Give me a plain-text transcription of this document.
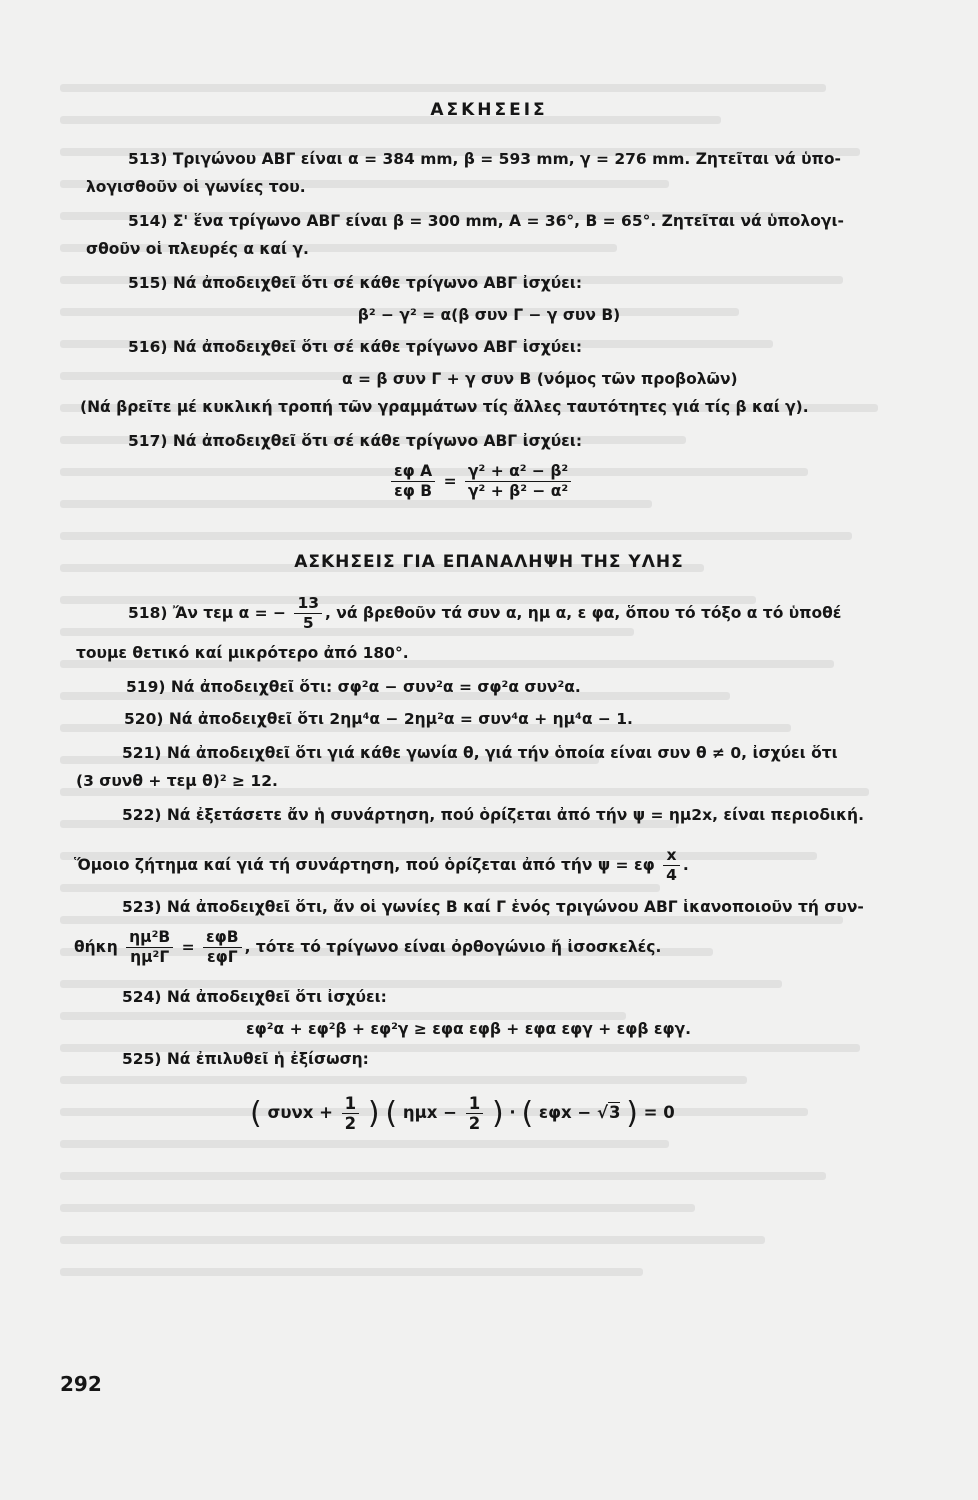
ΑΣΚΗΣΕΙΣ
513) Τριγώνου ΑΒΓ είναι α = 384 mm, β = 593 mm, γ = 276 mm. Ζητεῖται νά ὑπο-
λογισθοῦν οἱ γωνίες του.
514) Σ' ἕνα τρίγωνο ΑΒΓ είναι β = 300 mm, Α = 36°, Β = 65°. Ζητεῖται νά ὑπολογι-
σθοῦν οἱ πλευρές α καί γ.
515) Νά ἀποδειχθεῖ ὅτι σέ κάθε τρίγωνο ΑΒΓ ἰσχύει:
β² − γ² = α(β συν Γ − γ συν Β)
516) Νά ἀποδειχθεῖ ὅτι σέ κάθε τρίγωνο ΑΒΓ ἰσχύει:
α = β συν Γ + γ συν Β (νόμος τῶν προβολῶν)
(Νά βρεῖτε μέ κυκλική τροπή τῶν γραμμάτων τίς ἄλλες ταυτότητες γιά τίς β καί γ).
517) Νά ἀποδειχθεῖ ὅτι σέ κάθε τρίγωνο ΑΒΓ ἰσχύει:
$\frac{\text{εφ Α}}{\text{εφ Β}} = \frac{\text{γ² + α² − β²}}{\text{γ² + β² − α²}}$
ΑΣΚΗΣΕΙΣ ΓΙΑ ΕΠΑΝΑΛΗΨΗ ΤΗΣ ΥΛΗΣ
518) Ἄν τεμ α = − $\frac{13}{5}$ , νά βρεθοῦν τά συν α, ημ α, ε φα, ὅπου τό τόξο α τό ὑποθέ
τουμε θετικό καί μικρότερο ἀπό 180°.
519) Νά ἀποδειχθεῖ ὅτι: σφ²α − συν²α = σφ²α συν²α.
520) Νά ἀποδειχθεῖ ὅτι 2ημ⁴α − 2ημ²α = συν⁴α + ημ⁴α − 1.
521) Νά ἀποδειχθεῖ ὅτι γιά κάθε γωνία θ, γιά τήν ὁποία είναι συν θ ≠ 0, ἰσχύει ὅτι
(3 συνθ + τεμ θ)² ≥ 12.
522) Νά ἐξετάσετε ἄν ἡ συνάρτηση, πού ὁρίζεται ἀπό τήν ψ = ημ2x, είναι περιοδική.
Ὅμοιο ζήτημα καί γιά τή συνάρτηση, πού ὁρίζεται ἀπό τήν ψ = εφ $\frac{x}{4}$ .
523) Νά ἀποδειχθεῖ ὅτι, ἄν οἱ γωνίες Β καί Γ ἑνός τριγώνου ΑΒΓ ἱκανοποιοῦν τή συν-
θήκη $\frac{\text{ημ²Β}}{\text{ημ²Γ}} = \frac{\text{εφΒ}}{\text{εφΓ}}$ , τότε τό τρίγωνο είναι ὀρθογώνιο ἤ ἰσοσκελές.
524) Νά ἀποδειχθεῖ ὅτι ἰσχύει:
εφ²α + εφ²β + εφ²γ ≥ εφα εφβ + εφα εφγ + εφβ εφγ.
525) Νά ἐπιλυθεῖ ἡ ἐξίσωση:
( $\sigma\upsilon\nu x + \frac{1}{2}$ ) ( $\eta\mu x - \frac{1}{2}$ ) · ( εφx − √3 ) = 0
292
